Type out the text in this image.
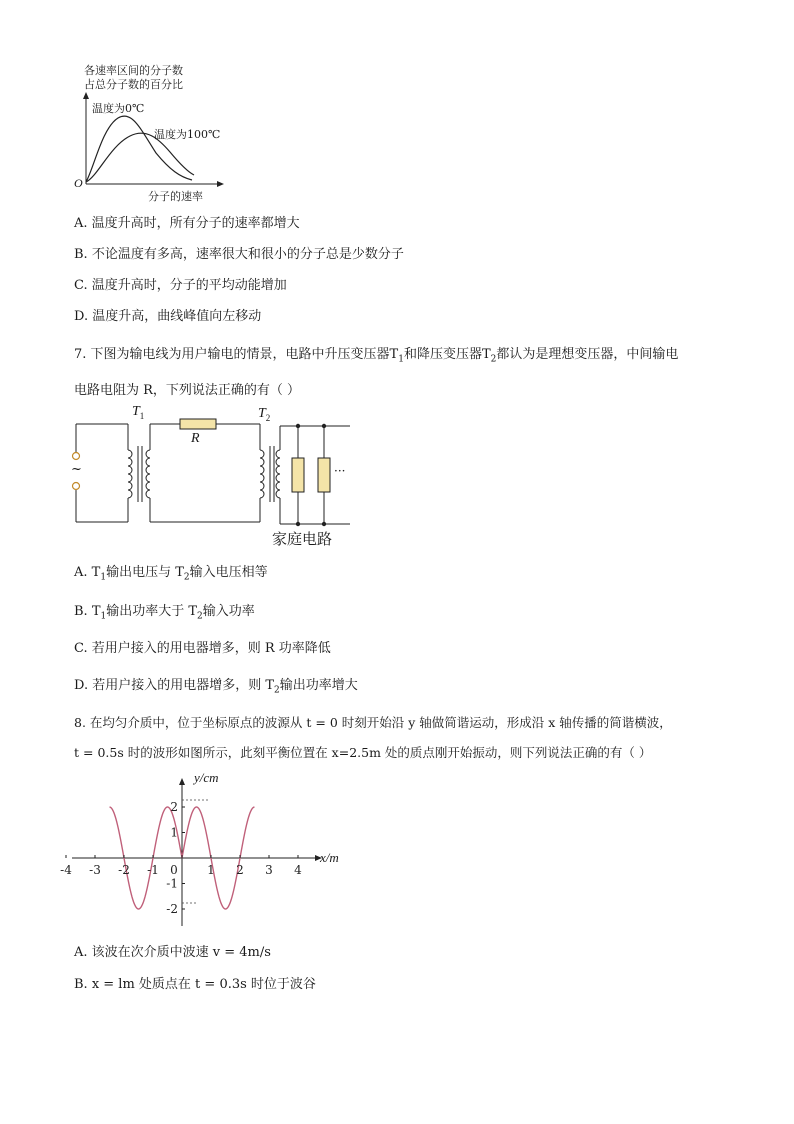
各速率区间的分子数
占总分子数的百分比
温度为0℃
温度为100℃
O
分子的速率
A. 温度升高时，所有分子的速率都增大
B. 不论温度有多高，速率很大和很小的分子总是少数分子
C. 温度升高时，分子的平均动能增加
D. 温度升高，曲线峰值向左移动
7. 下图为输电线为用户输电的情景，电路中升压变压器$T_1$和降压变压器$T_2$都认为是理想变压器，中间输电
电路电阻为 R，下列说法正确的有（ ）
~
$T_1$
R
$T_2$
···
家庭电路
A. $T_1$输出电压与 $T_2$输入电压相等
B. $T_1$输出功率大于 $T_2$输入功率
C. 若用户接入的用电器增多，则 R 功率降低
D. 若用户接入的用电器增多，则 $T_2$输出功率增大
8. 在均匀介质中，位于坐标原点的波源从 t = 0 时刻开始沿 y 轴做简谐运动，形成沿 x 轴传播的简谐横波，
t = 0.5s 时的波形如图所示，此刻平衡位置在 x=2.5m 处的质点刚开始振动，则下列说法正确的有（ ）
-4 -3 -2 -1 0 1 2 3 4
2
1
-1
-2
y/cm
x/m
A. 该波在次介质中波速 v = 4m/s
B. x = lm 处质点在 t = 0.3s 时位于波谷
